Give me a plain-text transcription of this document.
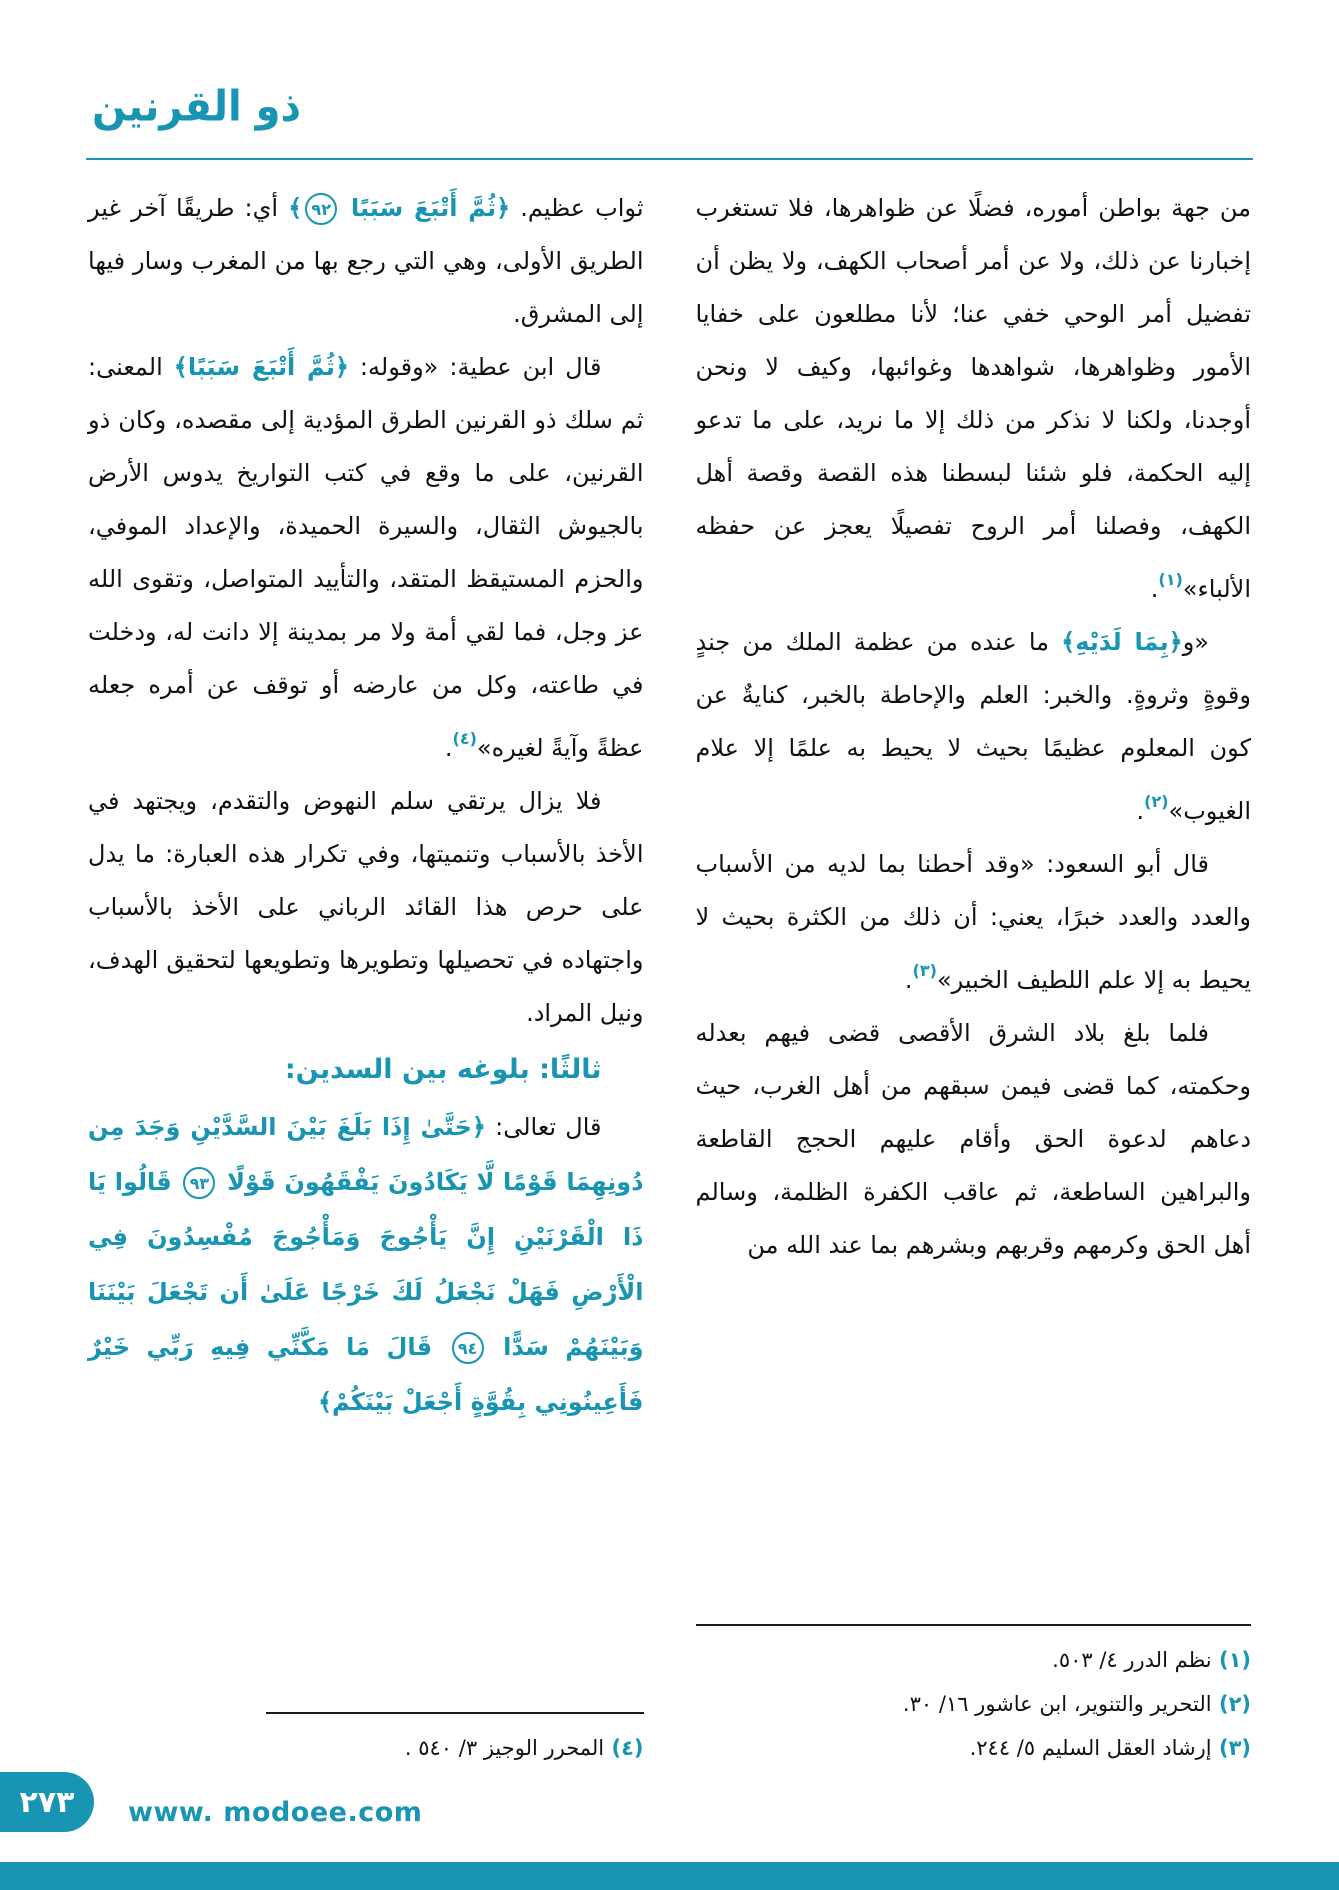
ذو القرنين

من جهة بواطن أموره، فضلًا عن ظواهرها، فلا تستغرب إخبارنا عن ذلك، ولا عن أمر أصحاب الكهف، ولا يظن أن تفضيل أمر الوحي خفي عنا؛ لأنا مطلعون على خفايا الأمور وظواهرها، شواهدها وغوائبها، وكيف لا ونحن أوجدنا، ولكنا لا نذكر من ذلك إلا ما نريد، على ما تدعو إليه الحكمة، فلو شئنا لبسطنا هذه القصة وقصة أهل الكهف، وفصلنا أمر الروح تفصيلًا يعجز عن حفظه الألباء»$^{(١)}$.

«و﴿بِمَا لَدَيْهِ﴾ ما عنده من عظمة الملك من جندٍ وقوةٍ وثروةٍ. والخبر: العلم والإحاطة بالخبر، كنايةٌ عن كون المعلوم عظيمًا بحيث لا يحيط به علمًا إلا علام الغيوب»$^{(٢)}$.

قال أبو السعود: «وقد أحطنا بما لديه من الأسباب والعدد والعدد خبرًا، يعني: أن ذلك من الكثرة بحيث لا يحيط به إلا علم اللطيف الخبير»$^{(٣)}$.

فلما بلغ بلاد الشرق الأقصى قضى فيهم بعدله وحكمته، كما قضى فيمن سبقهم من أهل الغرب، حيث دعاهم لدعوة الحق وأقام عليهم الحجج القاطعة والبراهين الساطعة، ثم عاقب الكفرة الظلمة، وسالم أهل الحق وكرمهم وقربهم وبشرهم بما عند الله من

(١) نظم الدرر ٤/ ٥٠٣.
(٢) التحرير والتنوير، ابن عاشور ١٦/ ٣٠.
(٣) إرشاد العقل السليم ٥/ ٢٤٤.

ثواب عظيم. ﴿ثُمَّ أَتْبَعَ سَبَبًا ٩٢﴾ أي: طريقًا آخر غير الطريق الأولى، وهي التي رجع بها من المغرب وسار فيها إلى المشرق.

قال ابن عطية: «وقوله: ﴿ثُمَّ أَتْبَعَ سَبَبًا﴾ المعنى: ثم سلك ذو القرنين الطرق المؤدية إلى مقصده، وكان ذو القرنين، على ما وقع في كتب التواريخ يدوس الأرض بالجيوش الثقال، والسيرة الحميدة، والإعداد الموفي، والحزم المستيقظ المتقد، والتأييد المتواصل، وتقوى الله عز وجل، فما لقي أمة ولا مر بمدينة إلا دانت له، ودخلت في طاعته، وكل من عارضه أو توقف عن أمره جعله عظةً وآيةً لغيره»$^{(٤)}$.

فلا يزال يرتقي سلم النهوض والتقدم، ويجتهد في الأخذ بالأسباب وتنميتها، وفي تكرار هذه العبارة: ما يدل على حرص هذا القائد الرباني على الأخذ بالأسباب واجتهاده في تحصيلها وتطويرها وتطويعها لتحقيق الهدف، ونيل المراد.

ثالثًا: بلوغه بين السدين:

قال تعالى: ﴿حَتَّىٰ إِذَا بَلَغَ بَيْنَ السَّدَّيْنِ وَجَدَ مِن دُونِهِمَا قَوْمًا لَّا يَكَادُونَ يَفْقَهُونَ قَوْلًا ٩٣ قَالُوا يَا ذَا الْقَرْنَيْنِ إِنَّ يَأْجُوجَ وَمَأْجُوجَ مُفْسِدُونَ فِي الْأَرْضِ فَهَلْ نَجْعَلُ لَكَ خَرْجًا عَلَىٰ أَن تَجْعَلَ بَيْنَنَا وَبَيْنَهُمْ سَدًّا ٩٤ قَالَ مَا مَكَّنِّي فِيهِ رَبِّي خَيْرٌ فَأَعِينُونِي بِقُوَّةٍ أَجْعَلْ بَيْنَكُمْ﴾

(٤) المحرر الوجيز ٣/ ٥٤٠ .
٢٧٣ www. modoee.com
